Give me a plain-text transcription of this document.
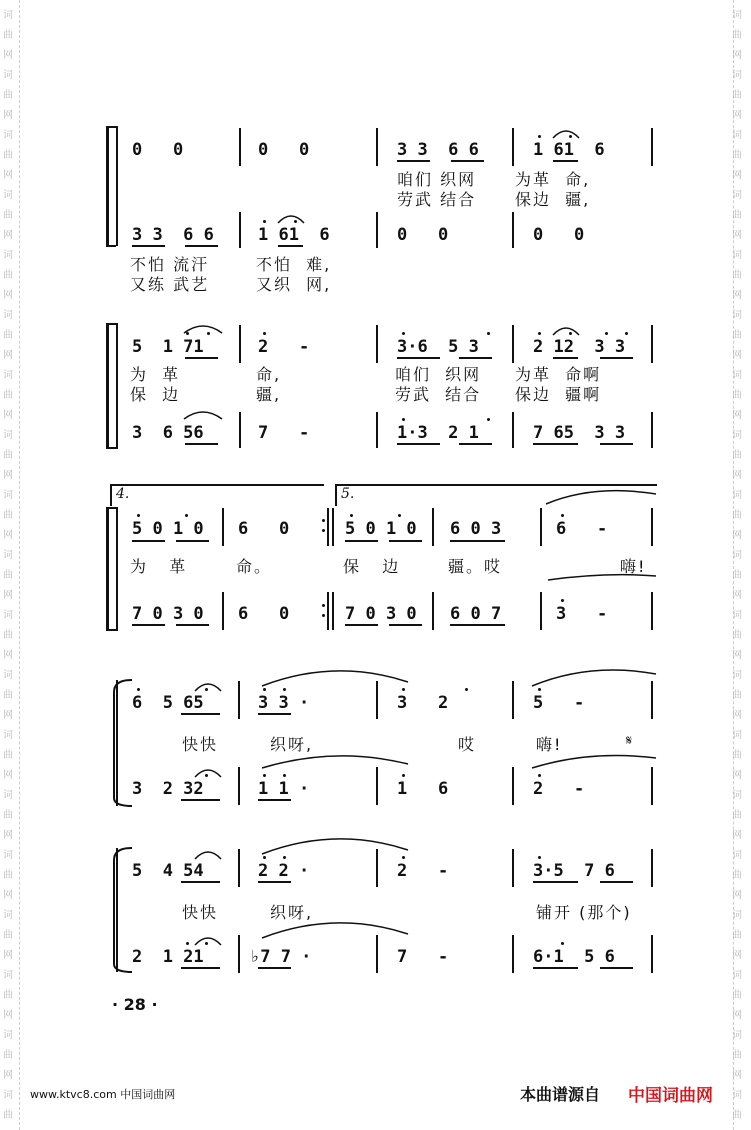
词
曲
网
词
曲
网
词
曲
网
词
曲
网
词
曲
网
词
曲
网
词
曲
网
词
曲
网
词
曲
网
词
曲
网
词
曲
网
词
曲
网
词
曲
网
词
曲
网
词
曲
网
词
曲
网
词
曲
网
词
曲
网
词
曲
词
曲
网
词
曲
网
词
曲
网
词
曲
网
词
曲
网
词
曲
网
词
曲
网
词
曲
网
词
曲
网
词
曲
网
词
曲
网
词
曲
网
词
曲
网
词
曲
网
词
曲
网
词
曲
网
词
曲
网
词
曲
网
词
曲
0   0	0   0	3 3  6 6	1 61  6
咱们 织网 为革  命,
劳武 结合 保边  疆,
3 3  6 6	1 61  6	0   0	0   0
不怕 流汗	不怕  难,
又练 武艺	又织  网,
5  1 71	2   -	3·6  5 3	2 12  3 3
为  革	命,	咱们  织网 为革  命啊
保  边	疆,	劳武  结合 保边  疆啊
3  6 56	7   -	1·3  2 1	7 65  3 3
4.	5.
5 0 1 0 6   0	5 0 1 0 6 0 3	6   -
为   革	命。	保   边	疆。哎	嗨!
7 0 3 0 6   0	7 0 3 0 6 0 7	3   -
6  5 65	3 3 ·	3   2	5   -
快快	织呀,	哎	嗨!	𝄋
3  2 32	1 1 ·	1   6	2   -
5  4 54	2 2 ·	2   -	3·5  7 6
快快	织呀,	铺开 (那个)
2  1 21	♭7 7 ·	7   -	6·1  5 6
· 28 ·
www.ktvc8.com 中国词曲网	本曲谱源自 中国词曲网
